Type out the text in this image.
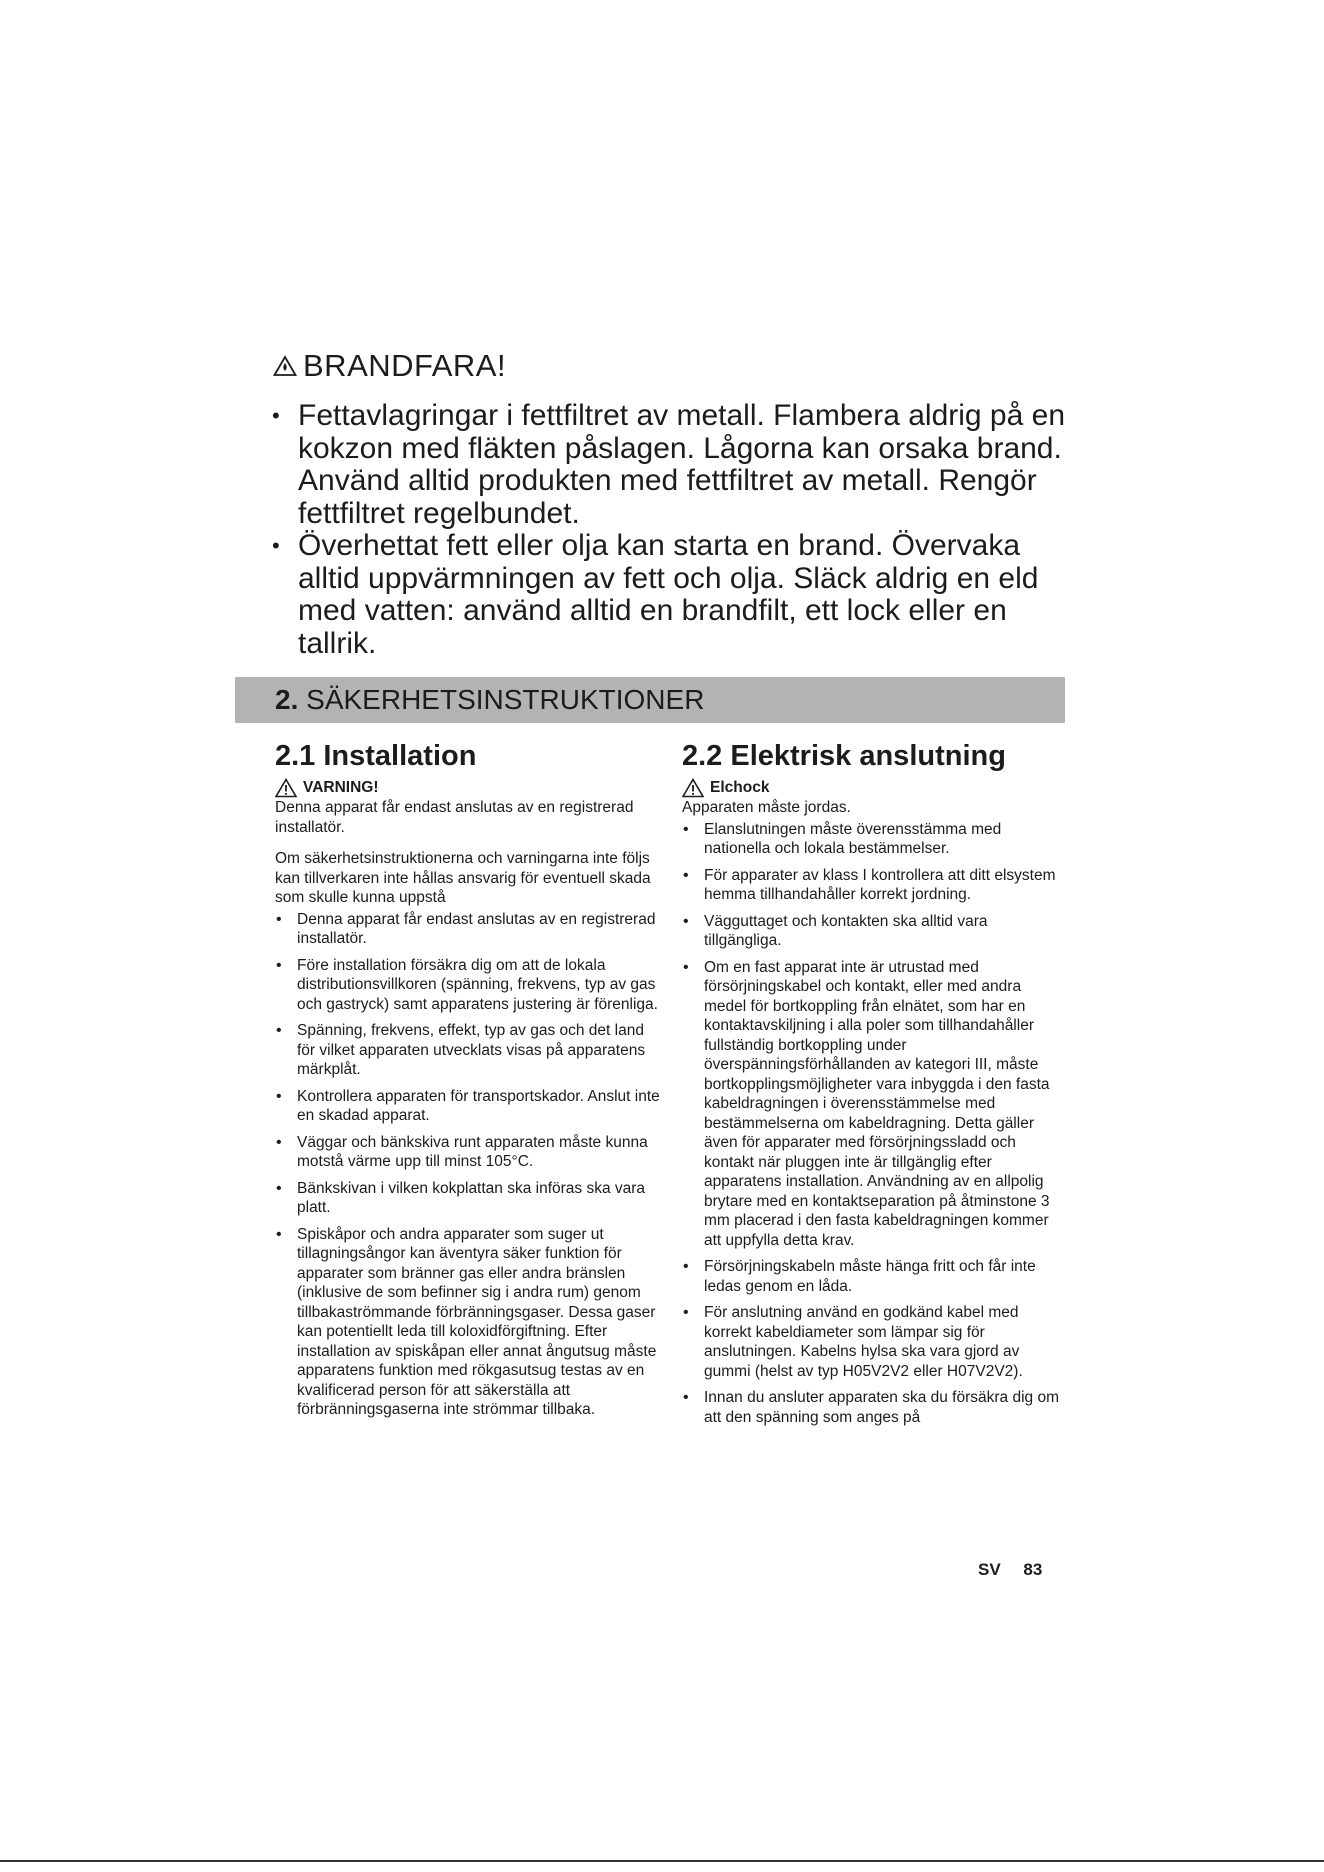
BRANDFARA!
• Fettavlagringar i fettfiltret av metall. Flambera aldrig på en kokzon med fläkten påslagen. Lågorna kan orsaka brand. Använd alltid produkten med fettfiltret av metall. Rengör fettfiltret regelbundet.
• Överhettat fett eller olja kan starta en brand. Övervaka alltid uppvärmningen av fett och olja. Släck aldrig en eld med vatten: använd alltid en brandfilt, ett lock eller en tallrik.
2. SÄKERHETSINSTRUKTIONER
2.1 Installation
VARNING!

Denna apparat får endast anslutas av en registrerad installatör.

Om säkerhetsinstruktionerna och varningarna inte följs kan tillverkaren inte hållas ansvarig för eventuell skada som skulle kunna uppstå

• Denna apparat får endast anslutas av en registrerad installatör.
• Före installation försäkra dig om att de lokala distributionsvillkoren (spänning, frekvens, typ av gas och gastryck) samt apparatens justering är förenliga.
• Spänning, frekvens, effekt, typ av gas och det land för vilket apparaten utvecklats visas på apparatens märkplåt.
• Kontrollera apparaten för transportskador. Anslut inte en skadad apparat.
• Väggar och bänkskiva runt apparaten måste kunna motstå värme upp till minst 105°C.
• Bänkskivan i vilken kokplattan ska införas ska vara platt.
• Spiskåpor och andra apparater som suger ut tillagningsångor kan äventyra säker funktion för apparater som bränner gas eller andra bränslen (inklusive de som befinner sig i andra rum) genom tillbakaströmmande förbränningsgaser. Dessa gaser kan potentiellt leda till koloxidförgiftning. Efter installation av spiskåpan eller annat ångutsug måste apparatens funktion med rökgasutsug testas av en kvalificerad person för att säkerställa att förbränningsgaserna inte strömmar tillbaka.
2.2 Elektrisk anslutning
Elchock

Apparaten måste jordas.

• Elanslutningen måste överensstämma med nationella och lokala bestämmelser.
• För apparater av klass I kontrollera att ditt elsystem hemma tillhandahåller korrekt jordning.
• Vägguttaget och kontakten ska alltid vara tillgängliga.
• Om en fast apparat inte är utrustad med försörjningskabel och kontakt, eller med andra medel för bortkoppling från elnätet, som har en kontaktavskiljning i alla poler som tillhandahåller fullständig bortkoppling under överspänningsförhållanden av kategori III, måste bortkopplingsmöjligheter vara inbyggda i den fasta kabeldragningen i överensstämmelse med bestämmelserna om kabeldragning. Detta gäller även för apparater med försörjningssladd och kontakt när pluggen inte är tillgänglig efter apparatens installation. Användning av en allpolig brytare med en kontaktseparation på åtminstone 3 mm placerad i den fasta kabeldragningen kommer att uppfylla detta krav.
• Försörjningskabeln måste hänga fritt och får inte ledas genom en låda.
• För anslutning använd en godkänd kabel med korrekt kabeldiameter som lämpar sig för anslutningen. Kabelns hylsa ska vara gjord av gummi (helst av typ H05V2V2 eller H07V2V2).
• Innan du ansluter apparaten ska du försäkra dig om att den spänning som anges på
SV 83
